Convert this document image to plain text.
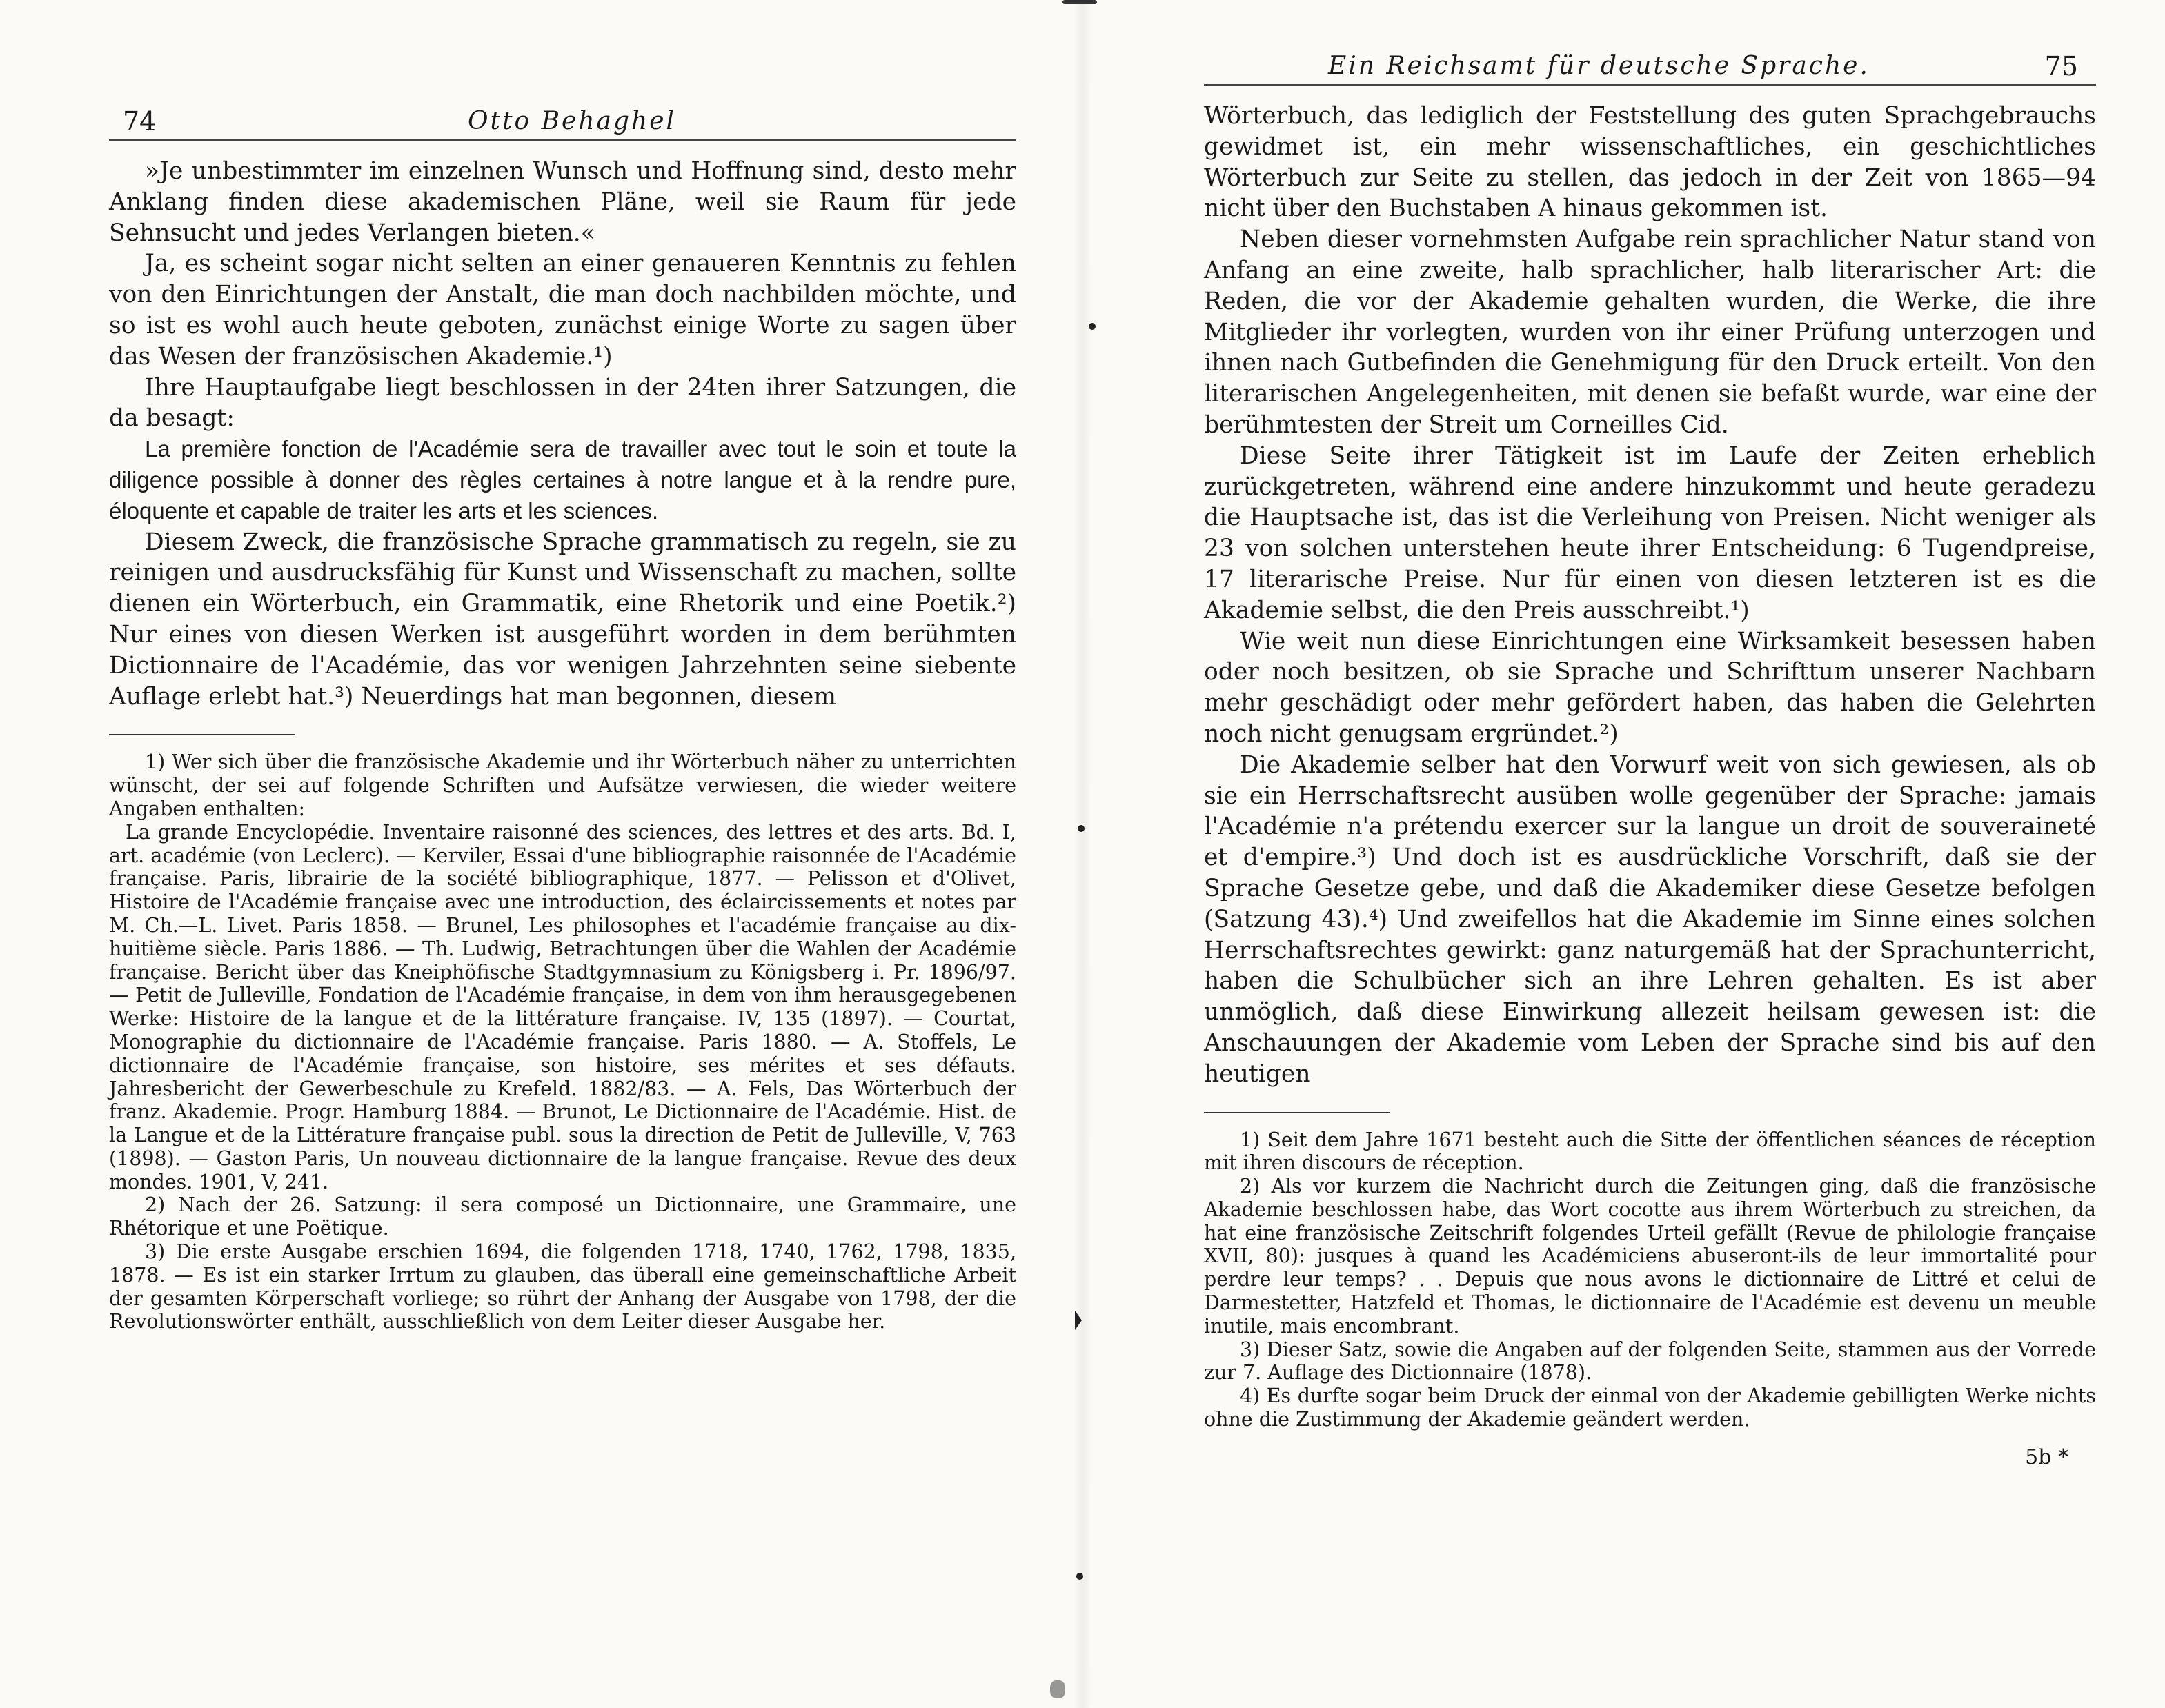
74	Otto Behaghel

»Je unbestimmter im einzelnen Wunsch und Hoffnung sind, desto mehr Anklang finden diese akademischen Pläne, weil sie Raum für jede Sehnsucht und jedes Verlangen bieten.«

Ja, es scheint sogar nicht selten an einer genaueren Kenntnis zu fehlen von den Einrichtungen der Anstalt, die man doch nachbilden möchte, und so ist es wohl auch heute geboten, zunächst einige Worte zu sagen über das Wesen der französischen Akademie.¹)

Ihre Hauptaufgabe liegt beschlossen in der 24ten ihrer Satzungen, die da besagt:

La première fonction de l'Académie sera de travailler avec tout le soin et toute la diligence possible à donner des règles certaines à notre langue et à la rendre pure, éloquente et capable de traiter les arts et les sciences.

Diesem Zweck, die französische Sprache grammatisch zu regeln, sie zu reinigen und ausdrucksfähig für Kunst und Wissenschaft zu machen, sollte dienen ein Wörterbuch, ein Grammatik, eine Rhetorik und eine Poetik.²) Nur eines von diesen Werken ist ausgeführt worden in dem berühmten Dictionnaire de l'Académie, das vor wenigen Jahrzehnten seine siebente Auflage erlebt hat.³) Neuerdings hat man begonnen, diesem

1) Wer sich über die französische Akademie und ihr Wörterbuch näher zu unterrichten wünscht, der sei auf folgende Schriften und Aufsätze verwiesen, die wieder weitere Angaben enthalten:

La grande Encyclopédie. Inventaire raisonné des sciences, des lettres et des arts. Bd. I, art. académie (von Leclerc). — Kerviler, Essai d'une bibliographie raisonnée de l'Académie française. Paris, librairie de la société bibliographique, 1877. — Pelisson et d'Olivet, Histoire de l'Académie française avec une introduction, des éclaircissements et notes par M. Ch.—L. Livet. Paris 1858. — Brunel, Les philosophes et l'académie française au dix-huitième siècle. Paris 1886. — Th. Ludwig, Betrachtungen über die Wahlen der Académie française. Bericht über das Kneiphöfische Stadtgymnasium zu Königsberg i. Pr. 1896/97. — Petit de Julleville, Fondation de l'Académie française, in dem von ihm herausgegebenen Werke: Histoire de la langue et de la littérature française. IV, 135 (1897). — Courtat, Monographie du dictionnaire de l'Académie française. Paris 1880. — A. Stoffels, Le dictionnaire de l'Académie française, son histoire, ses mérites et ses défauts. Jahresbericht der Gewerbeschule zu Krefeld. 1882/83. — A. Fels, Das Wörterbuch der franz. Akademie. Progr. Hamburg 1884. — Brunot, Le Dictionnaire de l'Académie. Hist. de la Langue et de la Littérature française publ. sous la direction de Petit de Julleville, V, 763 (1898). — Gaston Paris, Un nouveau dictionnaire de la langue française. Revue des deux mondes. 1901, V, 241.

2) Nach der 26. Satzung: il sera composé un Dictionnaire, une Grammaire, une Rhétorique et une Poëtique.

3) Die erste Ausgabe erschien 1694, die folgenden 1718, 1740, 1762, 1798, 1835, 1878. — Es ist ein starker Irrtum zu glauben, das überall eine gemeinschaftliche Arbeit der gesamten Körperschaft vorliege; so rührt der Anhang der Ausgabe von 1798, der die Revolutionswörter enthält, ausschließlich von dem Leiter dieser Ausgabe her.

Ein Reichsamt für deutsche Sprache.	75

Wörterbuch, das lediglich der Feststellung des guten Sprachgebrauchs gewidmet ist, ein mehr wissenschaftliches, ein geschichtliches Wörterbuch zur Seite zu stellen, das jedoch in der Zeit von 1865—94 nicht über den Buchstaben A hinaus gekommen ist.

Neben dieser vornehmsten Aufgabe rein sprachlicher Natur stand von Anfang an eine zweite, halb sprachlicher, halb literarischer Art: die Reden, die vor der Akademie gehalten wurden, die Werke, die ihre Mitglieder ihr vorlegten, wurden von ihr einer Prüfung unterzogen und ihnen nach Gutbefinden die Genehmigung für den Druck erteilt. Von den literarischen Angelegenheiten, mit denen sie befaßt wurde, war eine der berühmtesten der Streit um Corneilles Cid.

Diese Seite ihrer Tätigkeit ist im Laufe der Zeiten erheblich zurückgetreten, während eine andere hinzukommt und heute geradezu die Hauptsache ist, das ist die Verleihung von Preisen. Nicht weniger als 23 von solchen unterstehen heute ihrer Entscheidung: 6 Tugendpreise, 17 literarische Preise. Nur für einen von diesen letzteren ist es die Akademie selbst, die den Preis ausschreibt.¹)

Wie weit nun diese Einrichtungen eine Wirksamkeit besessen haben oder noch besitzen, ob sie Sprache und Schrifttum unserer Nachbarn mehr geschädigt oder mehr gefördert haben, das haben die Gelehrten noch nicht genugsam ergründet.²)

Die Akademie selber hat den Vorwurf weit von sich gewiesen, als ob sie ein Herrschaftsrecht ausüben wolle gegenüber der Sprache: jamais l'Académie n'a prétendu exercer sur la langue un droit de souveraineté et d'empire.³) Und doch ist es ausdrückliche Vorschrift, daß sie der Sprache Gesetze gebe, und daß die Akademiker diese Gesetze befolgen (Satzung 43).⁴) Und zweifellos hat die Akademie im Sinne eines solchen Herrschaftsrechtes gewirkt: ganz naturgemäß hat der Sprachunterricht, haben die Schulbücher sich an ihre Lehren gehalten. Es ist aber unmöglich, daß diese Einwirkung allezeit heilsam gewesen ist: die Anschauungen der Akademie vom Leben der Sprache sind bis auf den heutigen

1) Seit dem Jahre 1671 besteht auch die Sitte der öffentlichen séances de réception mit ihren discours de réception.

2) Als vor kurzem die Nachricht durch die Zeitungen ging, daß die französische Akademie beschlossen habe, das Wort cocotte aus ihrem Wörterbuch zu streichen, da hat eine französische Zeitschrift folgendes Urteil gefällt (Revue de philologie française XVII, 80): jusques à quand les Académiciens abuseront-ils de leur immortalité pour perdre leur temps? . . Depuis que nous avons le dictionnaire de Littré et celui de Darmestetter, Hatzfeld et Thomas, le dictionnaire de l'Académie est devenu un meuble inutile, mais encombrant.

3) Dieser Satz, sowie die Angaben auf der folgenden Seite, stammen aus der Vorrede zur 7. Auflage des Dictionnaire (1878).

4) Es durfte sogar beim Druck der einmal von der Akademie gebilligten Werke nichts ohne die Zustimmung der Akademie geändert werden.

5b *
